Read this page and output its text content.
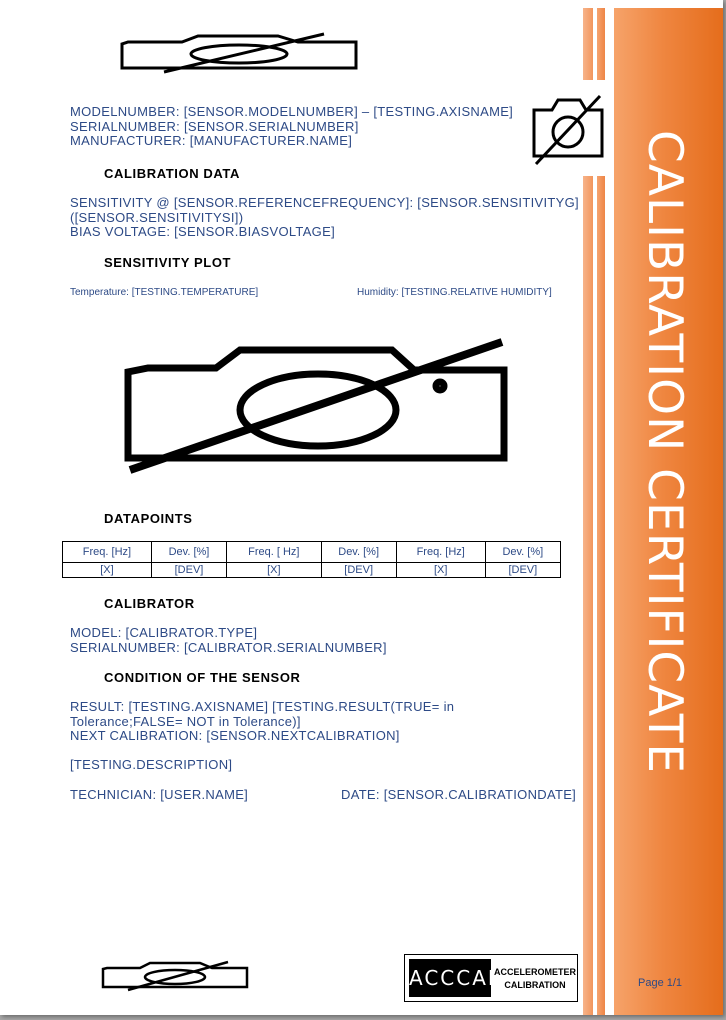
CALIBRATION CERTIFICATE
MODELNUMBER: [SENSOR.MODELNUMBER] – [TESTING.AXISNAME]
SERIALNUMBER: [SENSOR.SERIALNUMBER]
MANUFACTURER: [MANUFACTURER.NAME]
CALIBRATION DATA
SENSITIVITY @ [SENSOR.REFERENCEFREQUENCY]: [SENSOR.SENSITIVITYG]
([SENSOR.SENSITIVITYSI])
BIAS VOLTAGE: [SENSOR.BIASVOLTAGE]
SENSITIVITY PLOT
Temperature: [TESTING.TEMPERATURE]	Humidity: [TESTING.RELATIVE HUMIDITY]
DATAPOINTS
Freq. [Hz]	Dev. [%]	Freq. [ Hz]	Dev. [%]	Freq. [Hz]	Dev. [%]
[X]	[DEV]	[X]	[DEV]	[X]	[DEV]
CALIBRATOR
MODEL: [CALIBRATOR.TYPE]
SERIALNUMBER: [CALIBRATOR.SERIALNUMBER]
CONDITION OF THE SENSOR
RESULT: [TESTING.AXISNAME] [TESTING.RESULT(TRUE= in
Tolerance;FALSE= NOT in Tolerance)]
NEXT CALIBRATION: [SENSOR.NEXTCALIBRATION]
[TESTING.DESCRIPTION]
TECHNICIAN: [USER.NAME]	DATE: [SENSOR.CALIBRATIONDATE]
ACCCAL
ACCELEROMETER
CALIBRATION	Page 1/1
